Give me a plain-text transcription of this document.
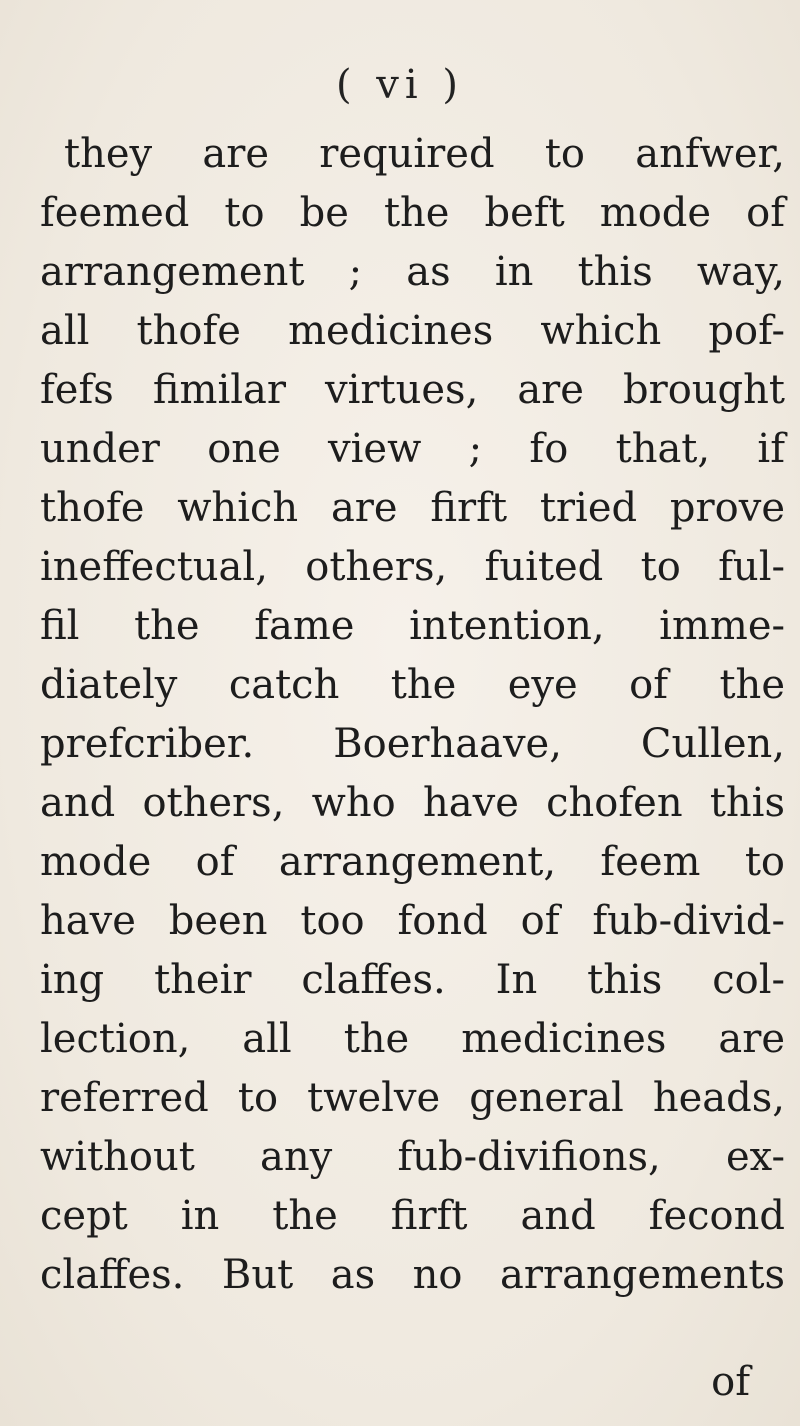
( vi )
they are required to anfwer,
feemed to be the beft mode of
arrangement ; as in this way,
all thofe medicines which pof-
fefs fimilar virtues, are brought
under one view ; fo that, if
thofe which are firft tried prove
ineffectual, others, fuited to ful-
fil the fame intention, imme-
diately catch the eye of the
prefcriber. Boerhaave, Cullen,
and others, who have chofen this
mode of arrangement, feem to
have been too fond of fub-divid-
ing their claffes. In this col-
lection, all the medicines are
referred to twelve general heads,
without any fub-divifions, ex-
cept in the firft and fecond
claffes. But as no arrangements
of
